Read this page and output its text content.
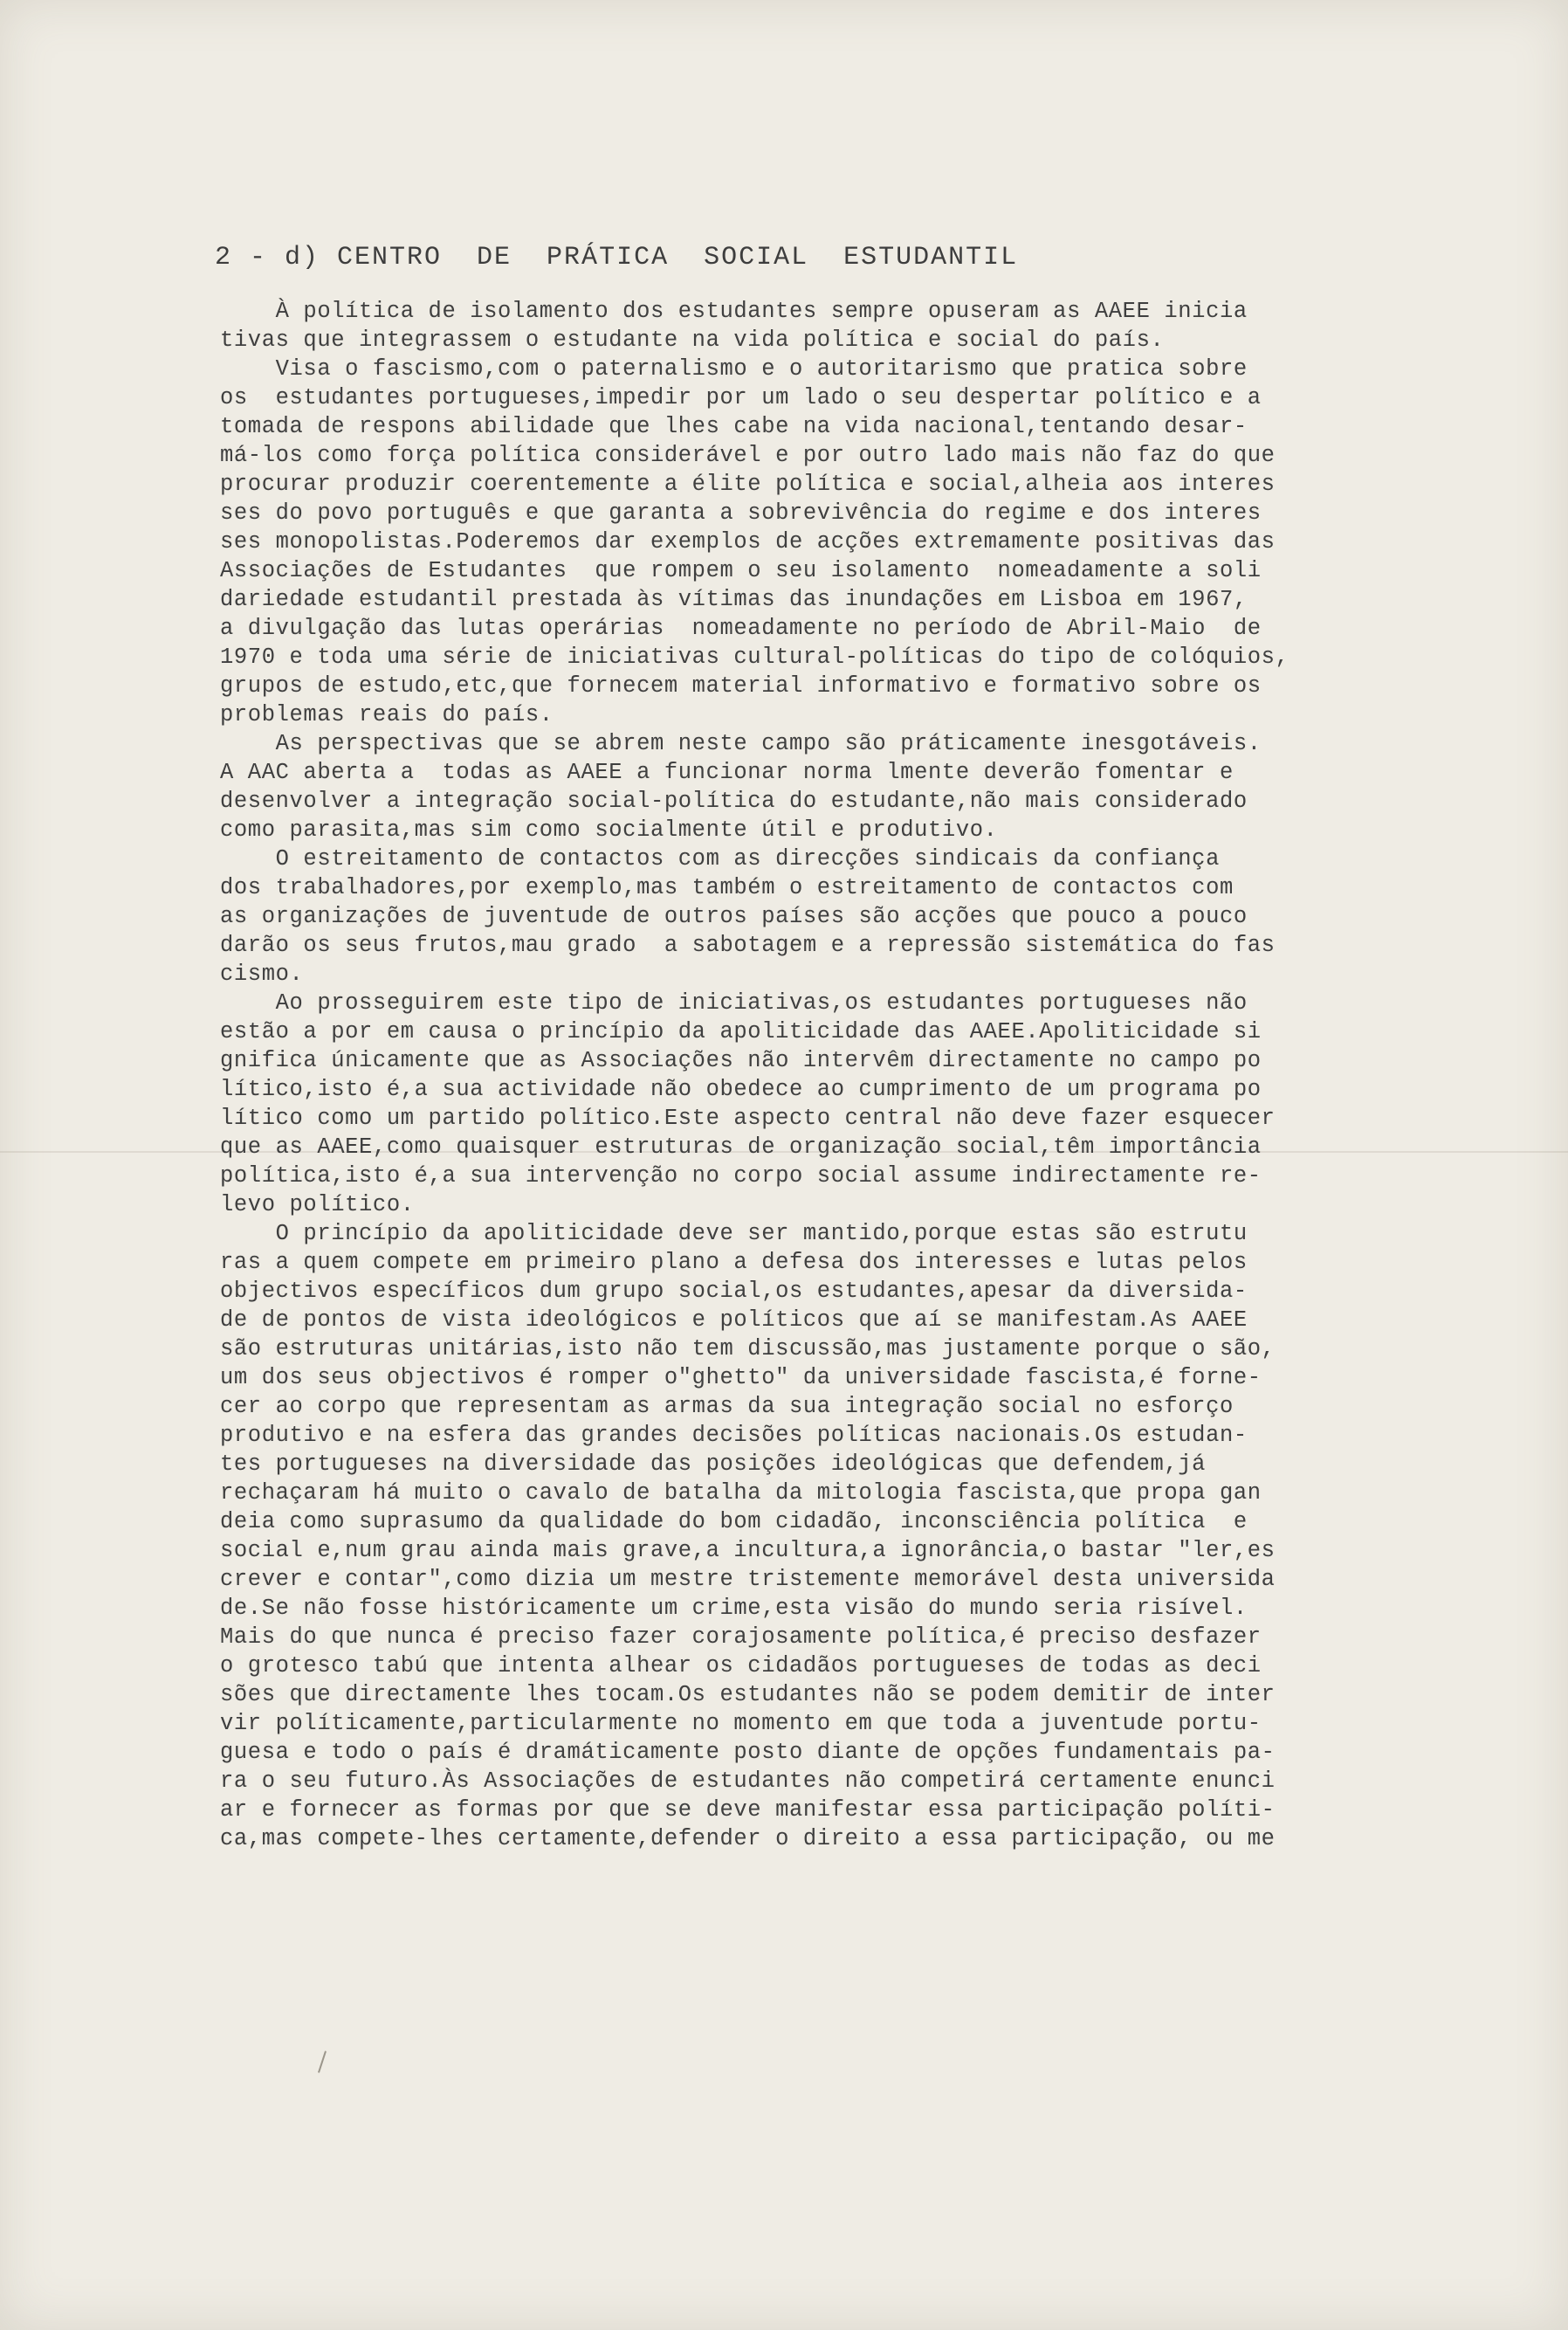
2 - d) CENTRO  DE  PRÁTICA  SOCIAL  ESTUDANTIL
À política de isolamento dos estudantes sempre opuseram as AAEE inicia
tivas que integrassem o estudante na vida política e social do país.
Visa o fascismo,com o paternalismo e o autoritarismo que pratica sobre
os  estudantes portugueses,impedir por um lado o seu despertar político e a
tomada de respons abilidade que lhes cabe na vida nacional,tentando desar-
má-los como força política considerável e por outro lado mais não faz do que
procurar produzir coerentemente a élite política e social,alheia aos interes
ses do povo português e que garanta a sobrevivência do regime e dos interes
ses monopolistas.Poderemos dar exemplos de acções extremamente positivas das
Associações de Estudantes  que rompem o seu isolamento  nomeadamente a soli
dariedade estudantil prestada às vítimas das inundações em Lisboa em 1967,
a divulgação das lutas operárias  nomeadamente no período de Abril-Maio  de
1970 e toda uma série de iniciativas cultural-políticas do tipo de colóquios,
grupos de estudo,etc,que fornecem material informativo e formativo sobre os
problemas reais do país.
As perspectivas que se abrem neste campo são práticamente inesgotáveis.
A AAC aberta a  todas as AAEE a funcionar norma lmente deverão fomentar e
desenvolver a integração social-política do estudante,não mais considerado
como parasita,mas sim como socialmente útil e produtivo.
O estreitamento de contactos com as direcções sindicais da confiança
dos trabalhadores,por exemplo,mas também o estreitamento de contactos com
as organizações de juventude de outros países são acções que pouco a pouco
darão os seus frutos,mau grado  a sabotagem e a repressão sistemática do fas
cismo.
Ao prosseguirem este tipo de iniciativas,os estudantes portugueses não
estão a por em causa o princípio da apoliticidade das AAEE.Apoliticidade si
gnifica únicamente que as Associações não intervêm directamente no campo po
lítico,isto é,a sua actividade não obedece ao cumprimento de um programa po
lítico como um partido político.Este aspecto central não deve fazer esquecer
que as AAEE,como quaisquer estruturas de organização social,têm importância
política,isto é,a sua intervenção no corpo social assume indirectamente re-
levo político.
O princípio da apoliticidade deve ser mantido,porque estas são estrutu
ras a quem compete em primeiro plano a defesa dos interesses e lutas pelos
objectivos específicos dum grupo social,os estudantes,apesar da diversida-
de de pontos de vista ideológicos e políticos que aí se manifestam.As AAEE
são estruturas unitárias,isto não tem discussão,mas justamente porque o são,
um dos seus objectivos é romper o"ghetto" da universidade fascista,é forne-
cer ao corpo que representam as armas da sua integração social no esforço
produtivo e na esfera das grandes decisões políticas nacionais.Os estudan-
tes portugueses na diversidade das posições ideológicas que defendem,já
rechaçaram há muito o cavalo de batalha da mitologia fascista,que propa gan
deia como suprasumo da qualidade do bom cidadão, inconsciência política  e
social e,num grau ainda mais grave,a incultura,a ignorância,o bastar "ler,es
crever e contar",como dizia um mestre tristemente memorável desta universida
de.Se não fosse históricamente um crime,esta visão do mundo seria risível.
Mais do que nunca é preciso fazer corajosamente política,é preciso desfazer
o grotesco tabú que intenta alhear os cidadãos portugueses de todas as deci
sões que directamente lhes tocam.Os estudantes não se podem demitir de inter
vir políticamente,particularmente no momento em que toda a juventude portu-
guesa e todo o país é dramáticamente posto diante de opções fundamentais pa-
ra o seu futuro.Às Associações de estudantes não competirá certamente enunci
ar e fornecer as formas por que se deve manifestar essa participação políti-
ca,mas compete-lhes certamente,defender o direito a essa participação, ou me
